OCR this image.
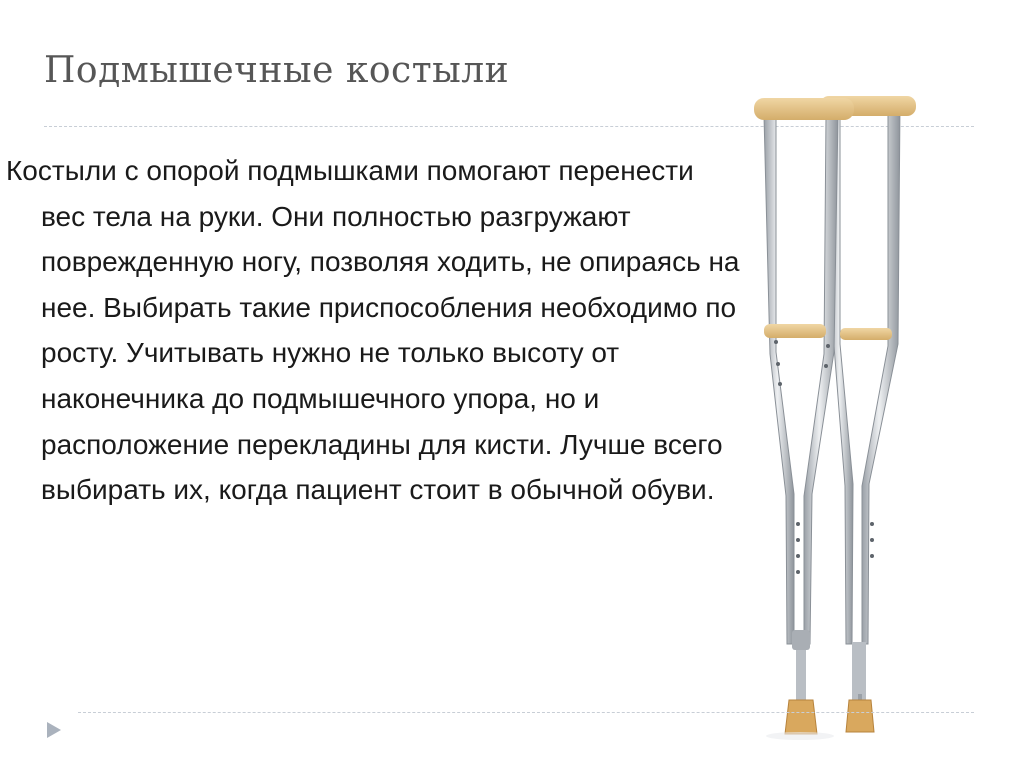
Подмышечные костыли

Костыли с опорой подмышками помогают перенести вес тела на руки. Они полностью разгружают поврежденную ногу, позволяя ходить, не опираясь на нее. Выбирать такие приспособления необходимо по росту. Учитывать нужно не только высоту от наконечника до подмышечного упора, но и расположение перекладины для кисти. Лучше всего выбирать их, когда пациент стоит в обычной обуви.
